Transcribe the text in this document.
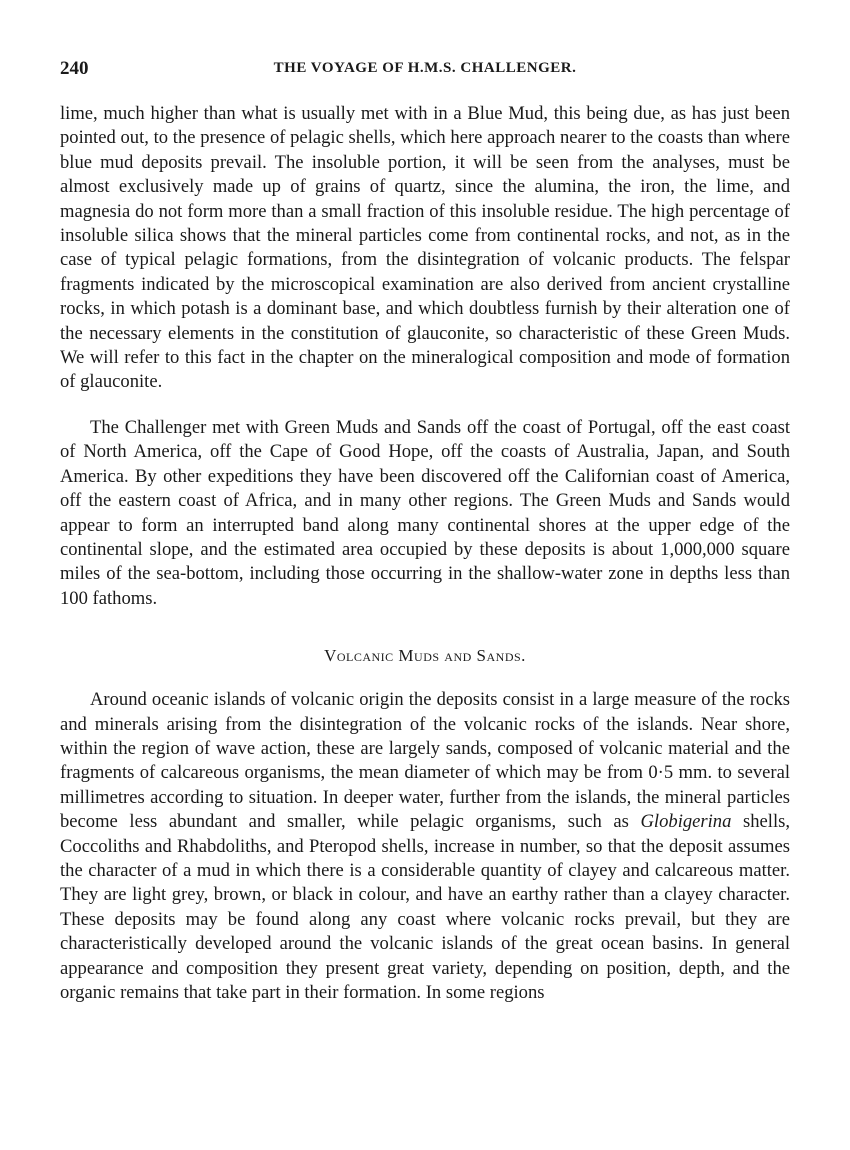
240	THE VOYAGE OF H.M.S. CHALLENGER.

lime, much higher than what is usually met with in a Blue Mud, this being due, as has just been pointed out, to the presence of pelagic shells, which here approach nearer to the coasts than where blue mud deposits prevail. The insoluble portion, it will be seen from the analyses, must be almost exclusively made up of grains of quartz, since the alumina, the iron, the lime, and magnesia do not form more than a small fraction of this insoluble residue. The high percentage of insoluble silica shows that the mineral particles come from continental rocks, and not, as in the case of typical pelagic formations, from the disintegration of volcanic products. The felspar fragments indicated by the microscopical examination are also derived from ancient crystalline rocks, in which potash is a dominant base, and which doubtless furnish by their alteration one of the necessary elements in the constitution of glauconite, so characteristic of these Green Muds. We will refer to this fact in the chapter on the mineralogical composition and mode of formation of glauconite.

The Challenger met with Green Muds and Sands off the coast of Portugal, off the east coast of North America, off the Cape of Good Hope, off the coasts of Australia, Japan, and South America. By other expeditions they have been discovered off the Californian coast of America, off the eastern coast of Africa, and in many other regions. The Green Muds and Sands would appear to form an interrupted band along many continental shores at the upper edge of the continental slope, and the estimated area occupied by these deposits is about 1,000,000 square miles of the sea-bottom, including those occurring in the shallow-water zone in depths less than 100 fathoms.

Volcanic Muds and Sands.

Around oceanic islands of volcanic origin the deposits consist in a large measure of the rocks and minerals arising from the disintegration of the volcanic rocks of the islands. Near shore, within the region of wave action, these are largely sands, composed of volcanic material and the fragments of calcareous organisms, the mean diameter of which may be from 0·5 mm. to several millimetres according to situation. In deeper water, further from the islands, the mineral particles become less abundant and smaller, while pelagic organisms, such as Globigerina shells, Coccoliths and Rhabdoliths, and Pteropod shells, increase in number, so that the deposit assumes the character of a mud in which there is a considerable quantity of clayey and calcareous matter. They are light grey, brown, or black in colour, and have an earthy rather than a clayey character. These deposits may be found along any coast where volcanic rocks prevail, but they are characteristically developed around the volcanic islands of the great ocean basins. In general appearance and composition they present great variety, depending on position, depth, and the organic remains that take part in their formation. In some regions
